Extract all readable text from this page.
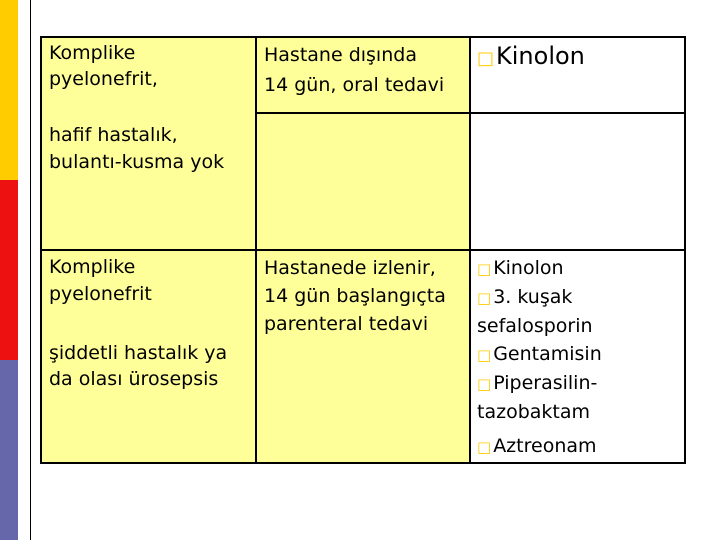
Komplike
pyelonefrit,
Hastane dışında
14 gün, oral tedavi
□ Kinolon
hafif hastalık,
bulantı-kusma yok
Komplike
pyelonefrit
şiddetli hastalık ya
da olası ürosepsis
Hastanede izlenir,
14 gün başlangıçta
parenteral tedavi
□ Kinolon
□ 3. kuşak
sefalosporin
□ Gentamisin
□ Piperasilin-
tazobaktam
□ Aztreonam
